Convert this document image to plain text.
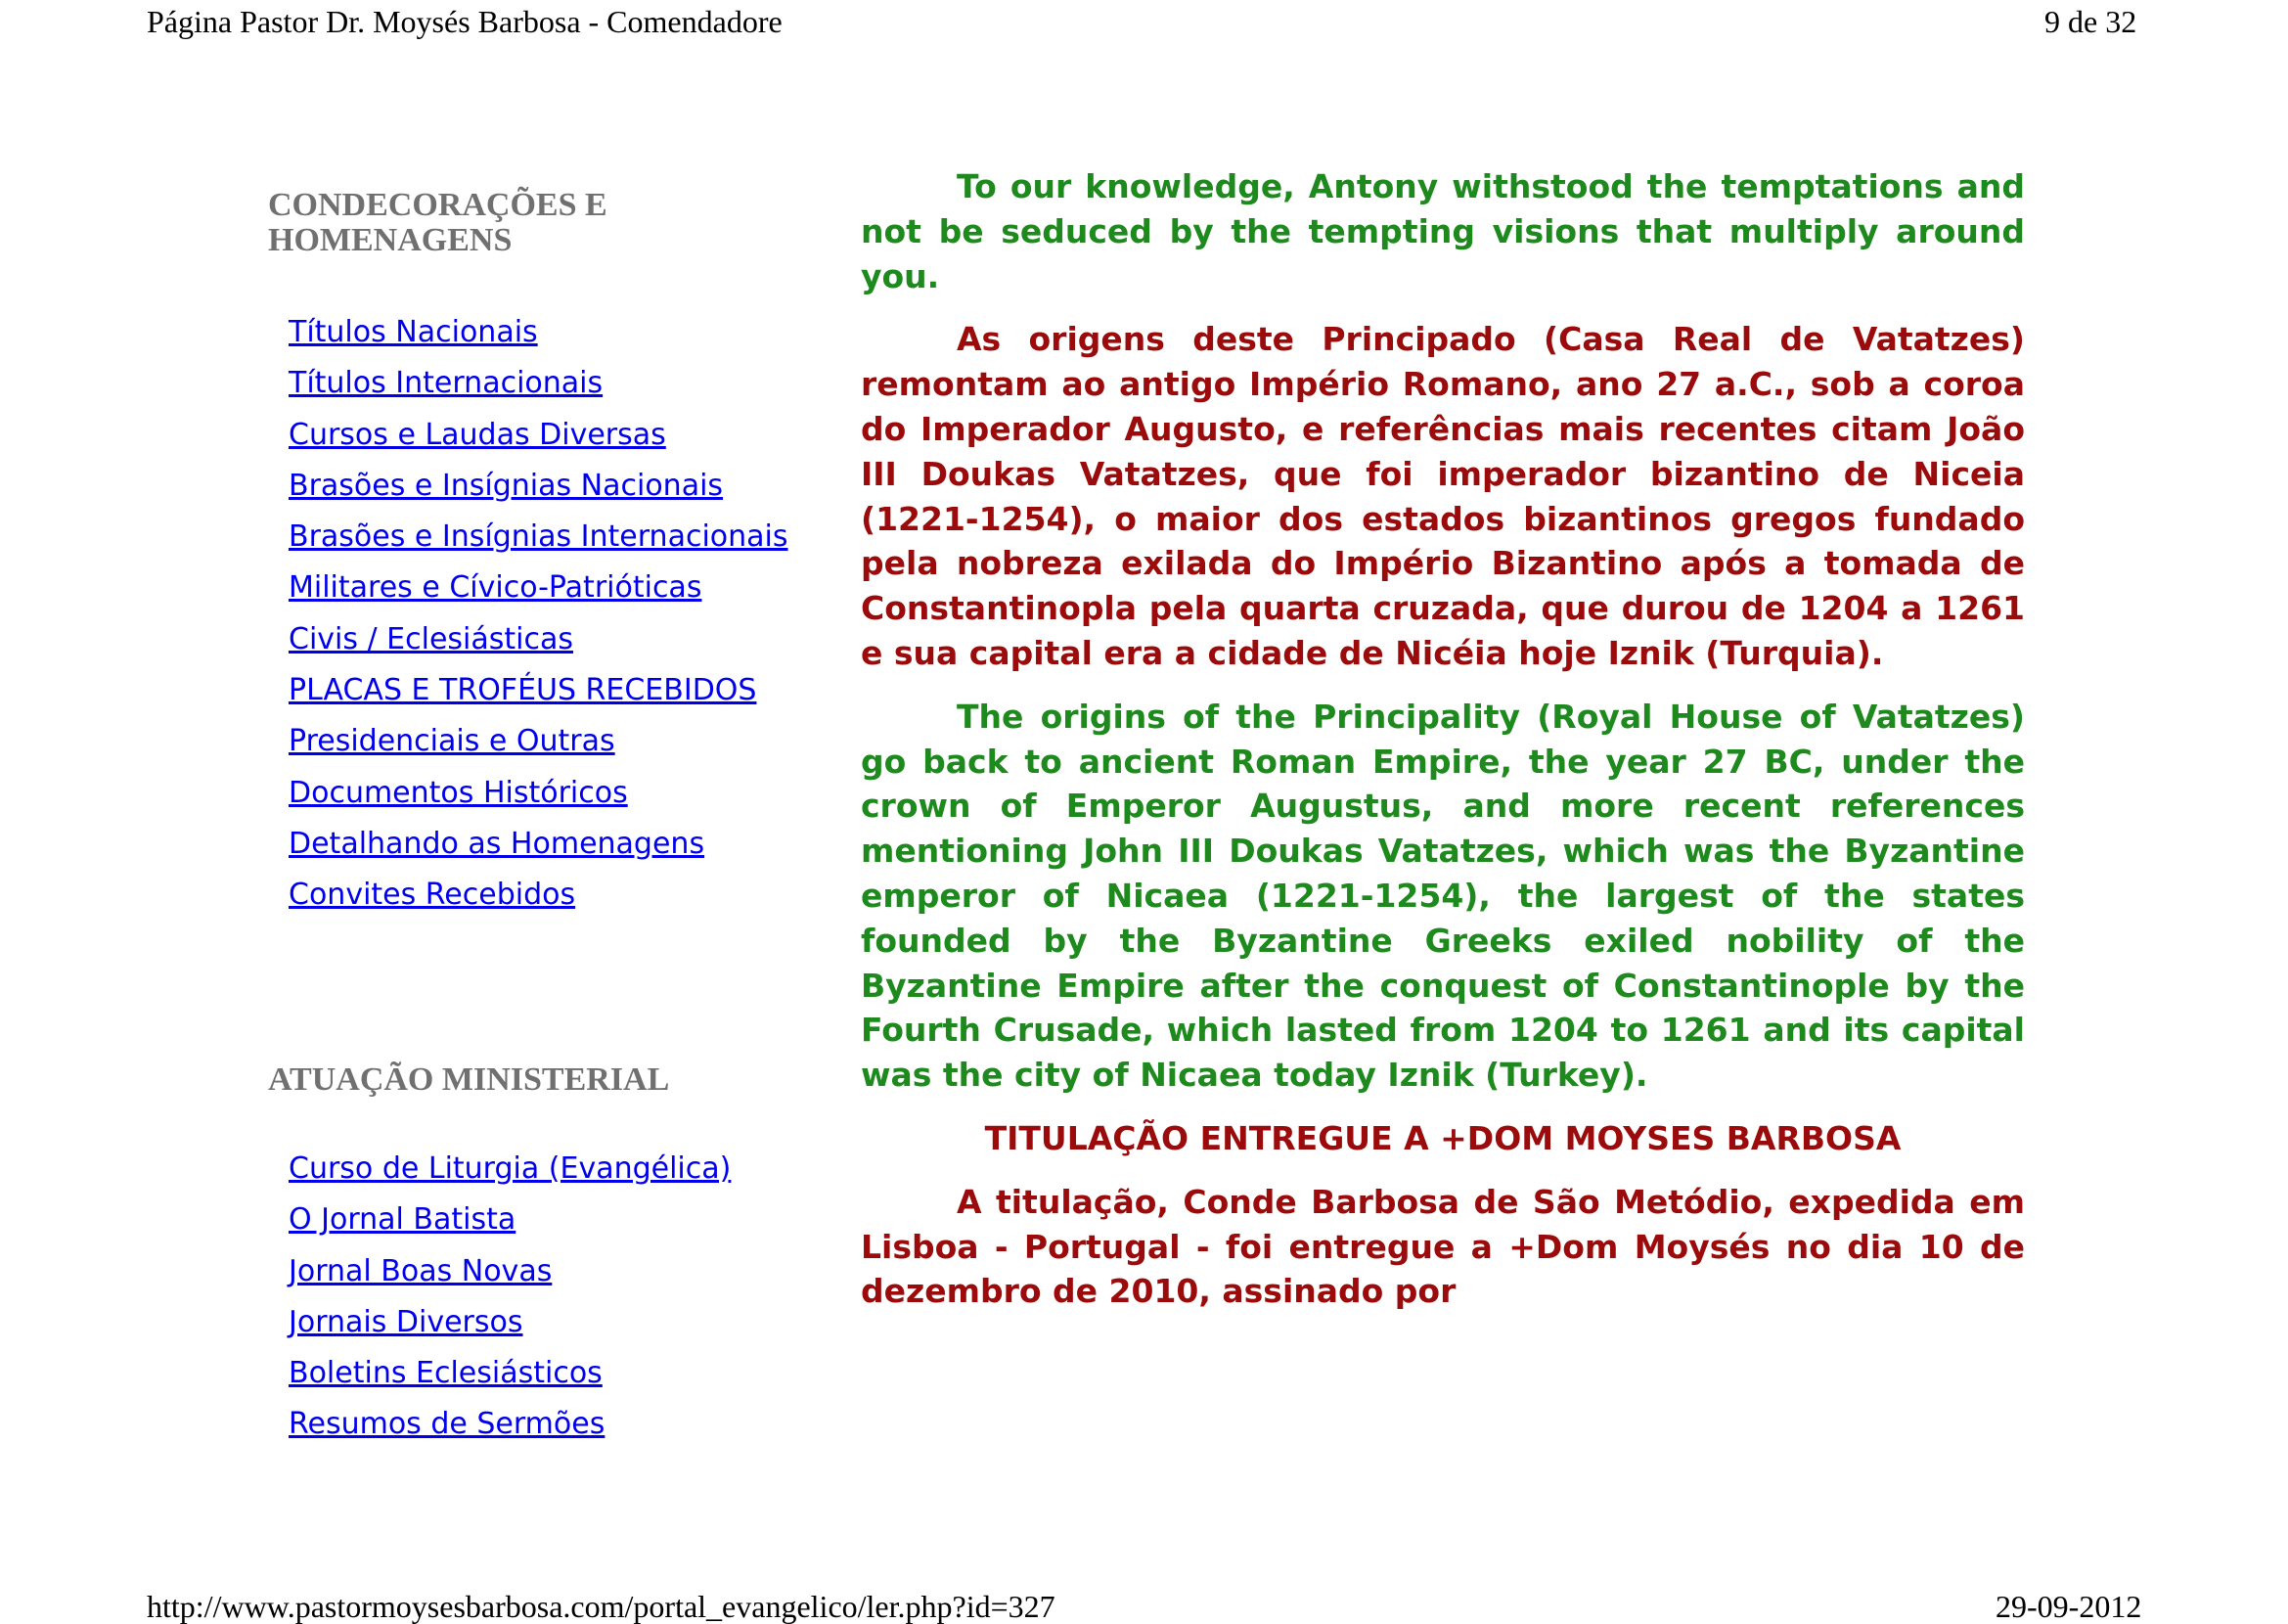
Página Pastor Dr. Moysés Barbosa - Comendadore	9 de 32
CONDECORAÇÕES E
HOMENAGENS
Títulos Nacionais
Títulos Internacionais
Cursos e Laudas Diversas
Brasões e Insígnias Nacionais
Brasões e Insígnias Internacionais
Militares e Cívico-Patrióticas
Civis / Eclesiásticas
PLACAS E TROFÉUS RECEBIDOS
Presidenciais e Outras
Documentos Históricos
Detalhando as Homenagens
Convites Recebidos
ATUAÇÃO MINISTERIAL
Curso de Liturgia (Evangélica)
O Jornal Batista
Jornal Boas Novas
Jornais Diversos
Boletins Eclesiásticos
Resumos de Sermões

To our knowledge, Antony withstood the temptations and not be seduced by the tempting visions that multiply around you.

As origens deste Principado (Casa Real de Vatatzes) remontam ao antigo Império Romano, ano 27 a.C., sob a coroa do Imperador Augusto, e referências mais recentes citam João III Doukas Vatatzes, que foi imperador bizantino de Niceia (1221-1254), o maior dos estados bizantinos gregos fundado pela nobreza exilada do Império Bizantino após a tomada de Constantinopla pela quarta cruzada, que durou de 1204 a 1261 e sua capital era a cidade de Nicéia hoje Iznik (Turquia).

The origins of the Principality (Royal House of Vatatzes) go back to ancient Roman Empire, the year 27 BC, under the crown of Emperor Augustus, and more recent references mentioning John III Doukas Vatatzes, which was the Byzantine emperor of Nicaea (1221-1254), the largest of the states founded by the Byzantine Greeks exiled nobility of the Byzantine Empire after the conquest of Constantinople by the Fourth Crusade, which lasted from 1204 to 1261 and its capital was the city of Nicaea today Iznik (Turkey).

TITULAÇÃO ENTREGUE A +DOM MOYSES BARBOSA

A titulação, Conde Barbosa de São Metódio, expedida em Lisboa - Portugal - foi entregue a +Dom Moysés no dia 10 de dezembro de 2010, assinado por

http://www.pastormoysesbarbosa.com/portal_evangelico/ler.php?id=327	29-09-2012
